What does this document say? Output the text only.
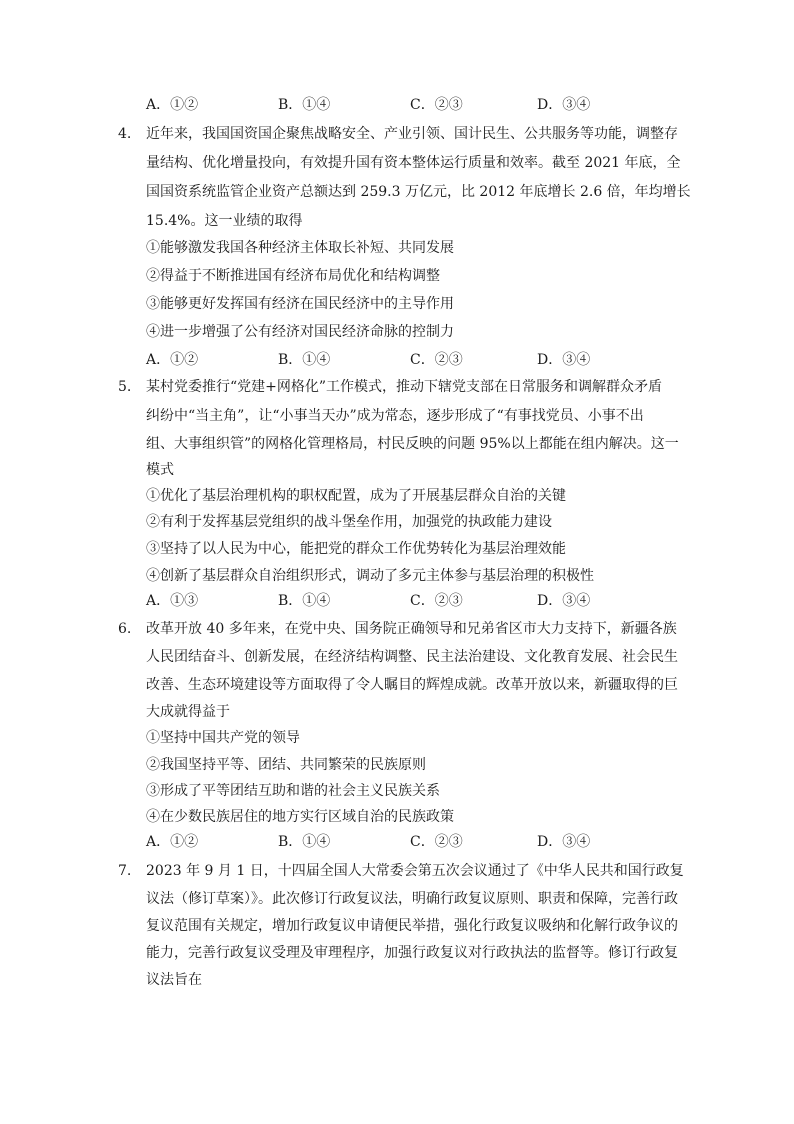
A．①②	B．①④	C．②③	D．③④
4. 近年来，我国国资国企聚焦战略安全、产业引领、国计民生、公共服务等功能，调整存
量结构、优化增量投向，有效提升国有资本整体运行质量和效率。截至 2021 年底，全
国国资系统监管企业资产总额达到 259.3 万亿元，比 2012 年底增长 2.6 倍，年均增长
15.4%。这一业绩的取得
①能够激发我国各种经济主体取长补短、共同发展
②得益于不断推进国有经济布局优化和结构调整
③能够更好发挥国有经济在国民经济中的主导作用
④进一步增强了公有经济对国民经济命脉的控制力
A．①②	B．①④	C．②③	D．③④
5. 某村党委推行“党建+网格化”工作模式，推动下辖党支部在日常服务和调解群众矛盾
纠纷中“当主角”，让“小事当天办”成为常态，逐步形成了“有事找党员、小事不出
组、大事组织管”的网格化管理格局，村民反映的问题 95%以上都能在组内解决。这一
模式
①优化了基层治理机构的职权配置，成为了开展基层群众自治的关键
②有利于发挥基层党组织的战斗堡垒作用，加强党的执政能力建设
③坚持了以人民为中心，能把党的群众工作优势转化为基层治理效能
④创新了基层群众自治组织形式，调动了多元主体参与基层治理的积极性
A．①③	B．①④	C．②③	D．③④
6. 改革开放 40 多年来，在党中央、国务院正确领导和兄弟省区市大力支持下，新疆各族
人民团结奋斗、创新发展，在经济结构调整、民主法治建设、文化教育发展、社会民生
改善、生态环境建设等方面取得了令人瞩目的辉煌成就。改革开放以来，新疆取得的巨
大成就得益于
①坚持中国共产党的领导
②我国坚持平等、团结、共同繁荣的民族原则
③形成了平等团结互助和谐的社会主义民族关系
④在少数民族居住的地方实行区域自治的民族政策
A．①②	B．①④	C．②③	D．③④
7. 2023 年 9 月 1 日，十四届全国人大常委会第五次会议通过了《中华人民共和国行政复
议法（修订草案）》。此次修订行政复议法，明确行政复议原则、职责和保障，完善行政
复议范围有关规定，增加行政复议申请便民举措，强化行政复议吸纳和化解行政争议的
能力，完善行政复议受理及审理程序，加强行政复议对行政执法的监督等。修订行政复
议法旨在
